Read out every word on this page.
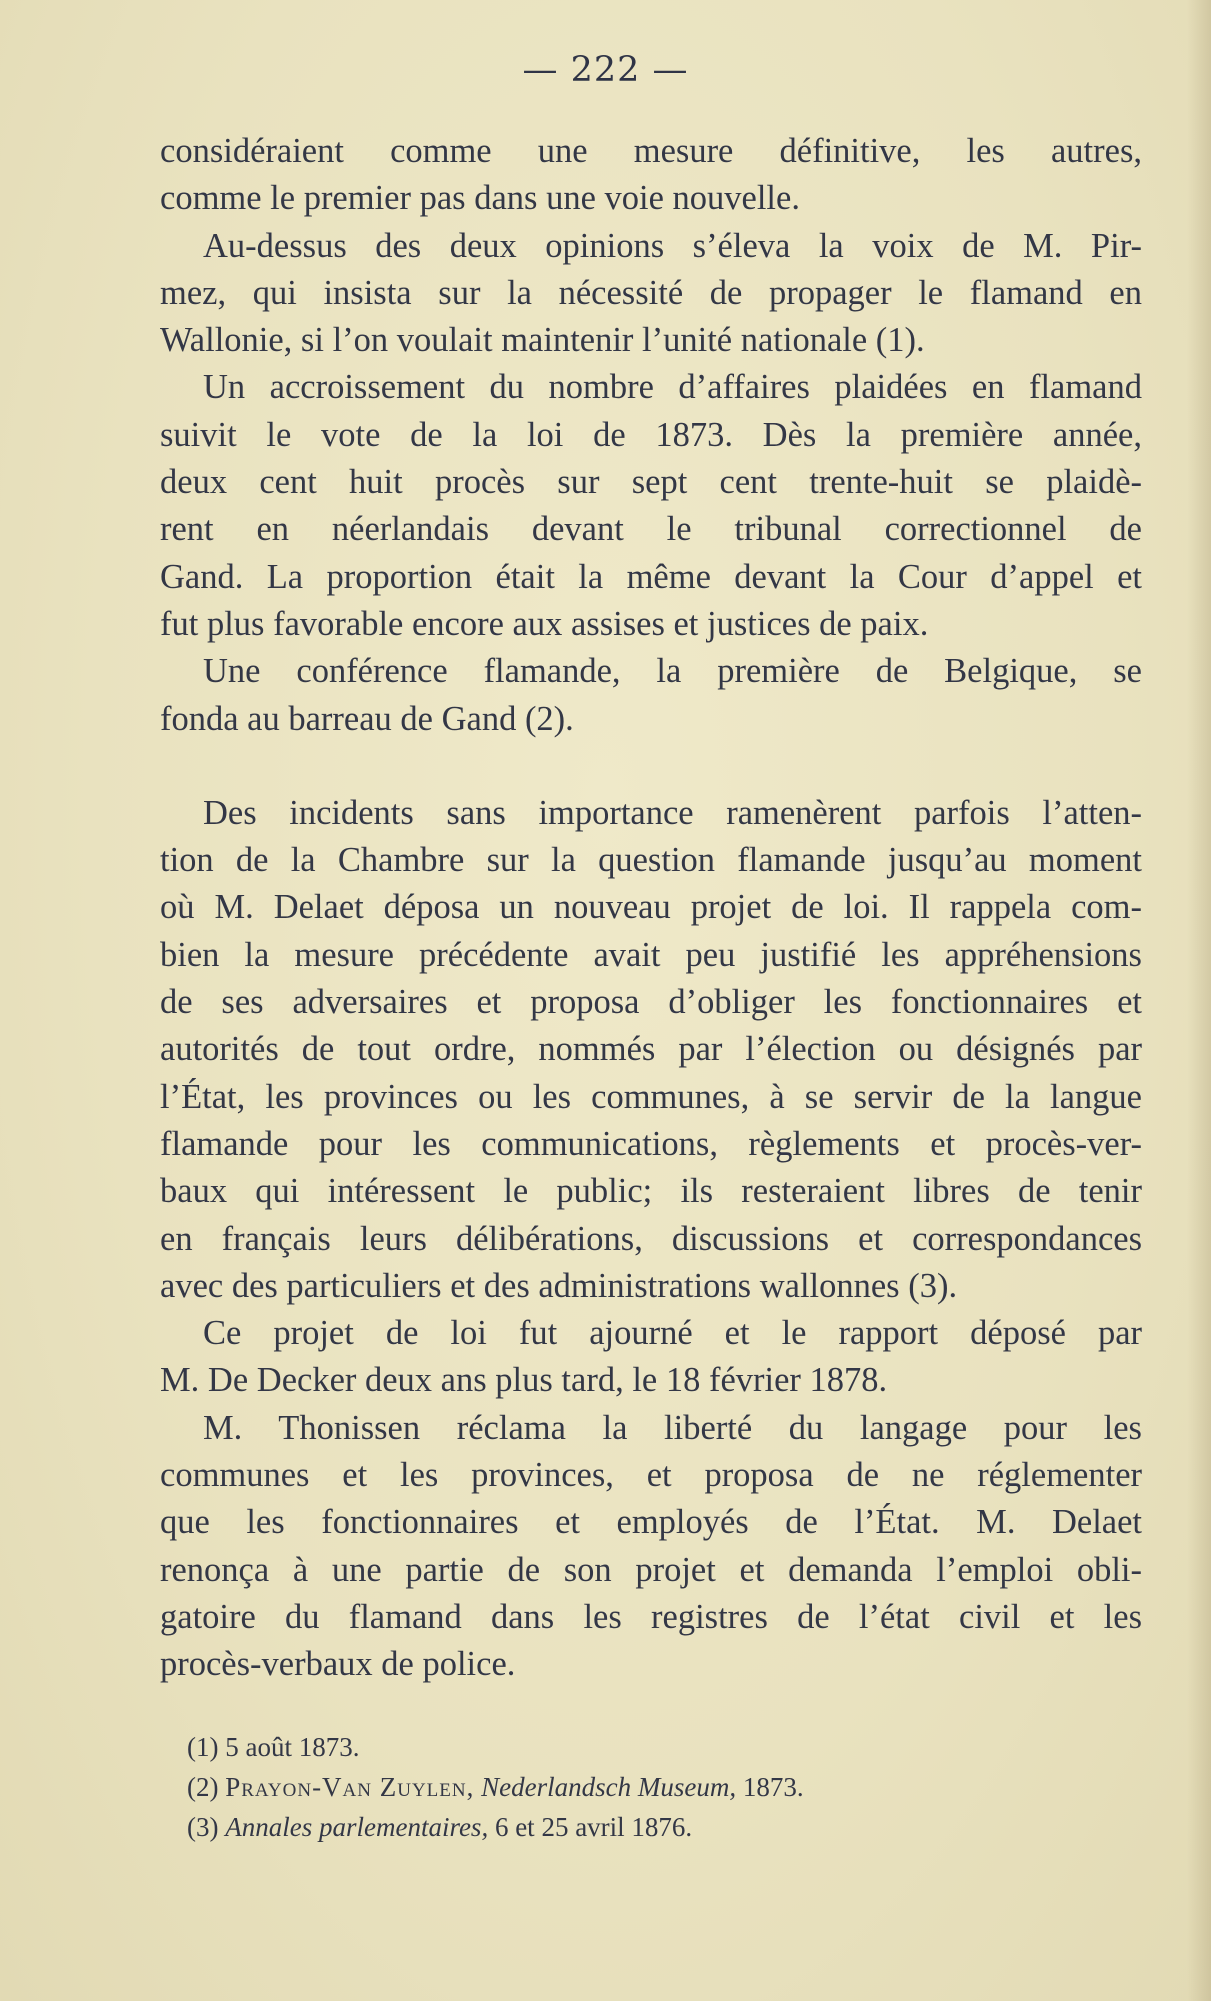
— 222 —

considéraient comme une mesure définitive, les autres,

comme le premier pas dans une voie nouvelle.

Au-dessus des deux opinions s’éleva la voix de M. Pir-

mez, qui insista sur la nécessité de propager le flamand en

Wallonie, si l’on voulait maintenir l’unité nationale (1).

Un accroissement du nombre d’affaires plaidées en flamand

suivit le vote de la loi de 1873. Dès la première année,

deux cent huit procès sur sept cent trente-huit se plaidè-

rent en néerlandais devant le tribunal correctionnel de

Gand. La proportion était la même devant la Cour d’appel et

fut plus favorable encore aux assises et justices de paix.

Une conférence flamande, la première de Belgique, se

fonda au barreau de Gand (2).

Des incidents sans importance ramenèrent parfois l’atten-

tion de la Chambre sur la question flamande jusqu’au moment

où M. Delaet déposa un nouveau projet de loi. Il rappela com-

bien la mesure précédente avait peu justifié les appréhensions

de ses adversaires et proposa d’obliger les fonctionnaires et

autorités de tout ordre, nommés par l’élection ou désignés par

l’État, les provinces ou les communes, à se servir de la langue

flamande pour les communications, règlements et procès-ver-

baux qui intéressent le public; ils resteraient libres de tenir

en français leurs délibérations, discussions et correspondances

avec des particuliers et des administrations wallonnes (3).

Ce projet de loi fut ajourné et le rapport déposé par

M. De Decker deux ans plus tard, le 18 février 1878.

M. Thonissen réclama la liberté du langage pour les

communes et les provinces, et proposa de ne réglementer

que les fonctionnaires et employés de l’État. M. Delaet

renonça à une partie de son projet et demanda l’emploi obli-

gatoire du flamand dans les registres de l’état civil et les

procès-verbaux de police.

(1) 5 août 1873.

(2) Prayon-Van Zuylen, Nederlandsch Museum, 1873.

(3) Annales parlementaires, 6 et 25 avril 1876.
